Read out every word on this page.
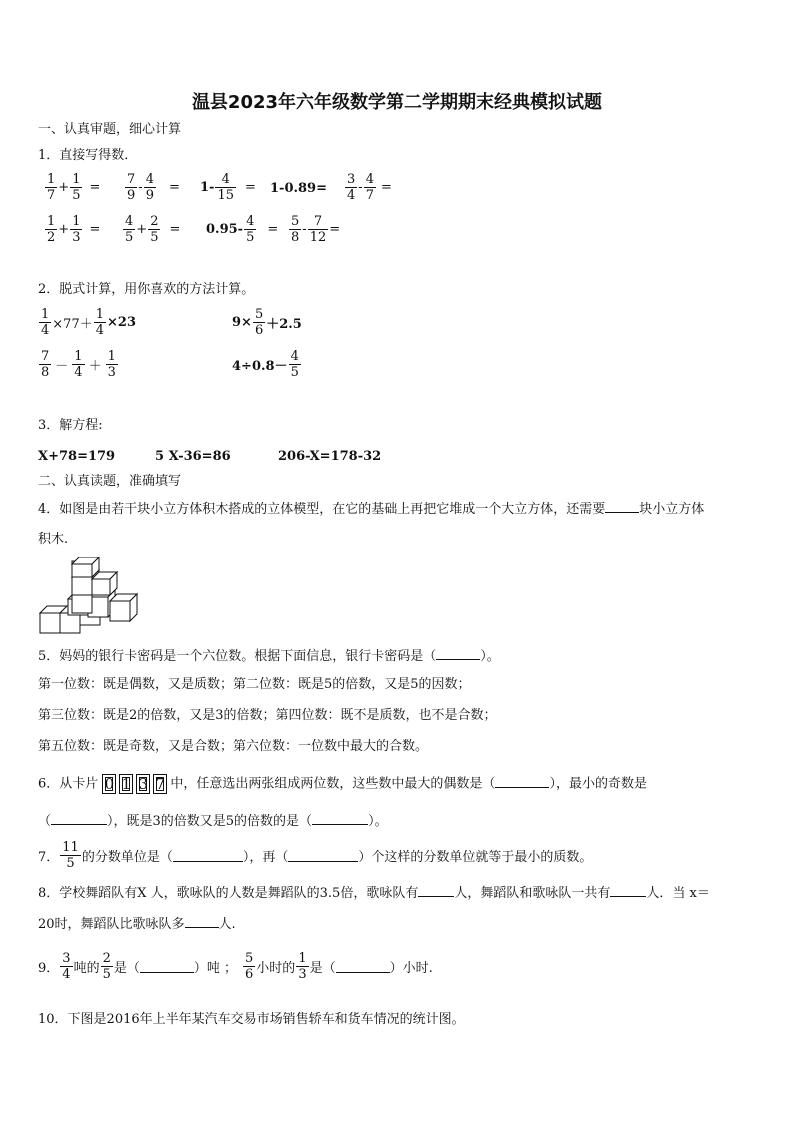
温县2023年六年级数学第二学期期末经典模拟试题
一、认真审题，细心计算
1．直接写得数．
$\frac{1}{7} + \frac{1}{5} = \frac{7}{9} - \frac{4}{9} = 1- \frac{4}{15} = 1-0.89= \frac{3}{4} - \frac{4}{7}$ =
$\frac{1}{2} + \frac{1}{3} = \frac{4}{5} + \frac{2}{5} = 0.95- \frac{4}{5} = \frac{5}{8} - \frac{7}{12}$ =
2．脱式计算，用你喜欢的方法计算。
$\frac{1}{4} \times 77+ \frac{1}{4} \times 23$	$9\times \frac{5}{6} +2.5$
$\frac{7}{8} - \frac{1}{4} + \frac{1}{3}$	$4\div 0.8- \frac{4}{5}$
3．解方程:
X+78=179	5 X-36=86	206-X=178-32
二、认真读题，准确填写
4．如图是由若干块小立方体积木搭成的立体模型，在它的基础上再把它堆成一个大立方体，还需要	块小立方体
积木.
5．妈妈的银行卡密码是一个六位数。根据下面信息，银行卡密码是（	）。
第一位数：既是偶数，又是质数；第二位数：既是5的倍数，又是5的因数；
第三位数：既是2的倍数，又是3的倍数；第四位数：既不是质数，也不是合数；
第五位数：既是奇数，又是合数；第六位数：一位数中最大的合数。
6．从卡片 0 1 3 7 中，任意选出两张组成两位数，这些数中最大的偶数是（	），最小的奇数是
（	），既是3的倍数又是5的倍数的是（	）。
7． $\frac{11}{5}$ 的分数单位是（	），再（	）个这样的分数单位就等于最小的质数。
8．学校舞蹈队有X 人，歌咏队的人数是舞蹈队的3.5倍，歌咏队有	人，舞蹈队和歌咏队一共有	人．当 x＝
20时，舞蹈队比歌咏队多	人.
9． $\frac{3}{4}$ 吨的 $\frac{2}{5}$ 是（	）吨 ； $\frac{5}{6}$ 小时的 $\frac{1}{3}$ 是（	）小时.
10．下图是2016年上半年某汽车交易市场销售轿车和货车情况的统计图。
